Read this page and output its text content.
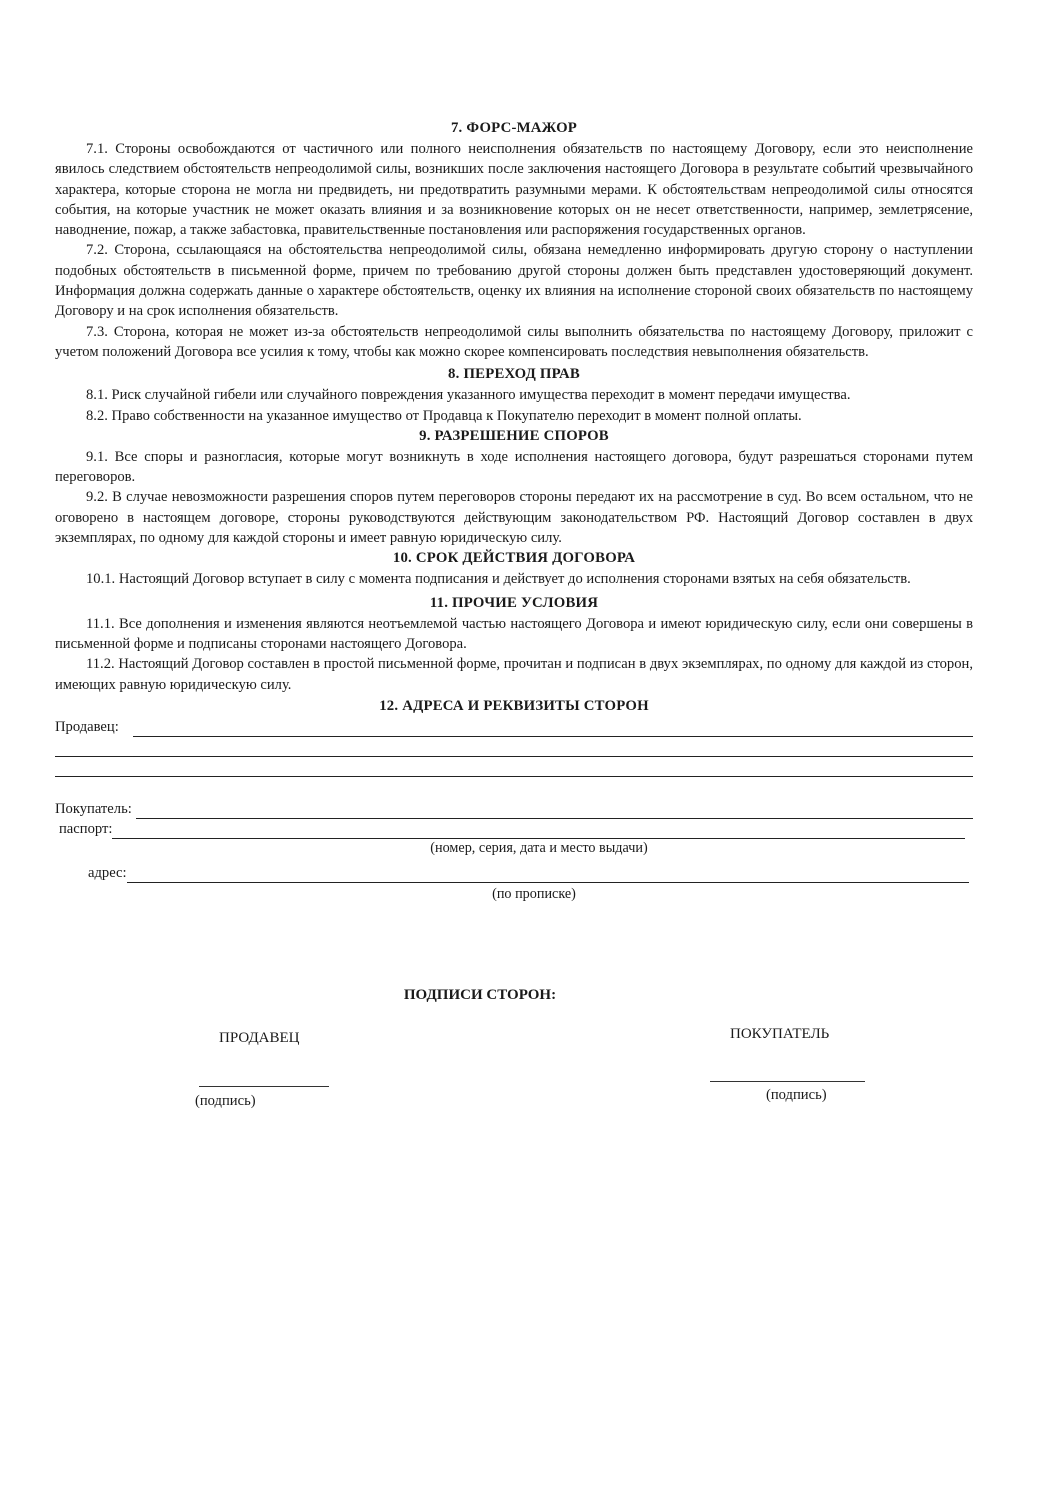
7. ФОРС-МАЖОР

7.1. Стороны освобождаются от частичного или полного неисполнения обязательств по настоящему Договору, если это неисполнение явилось следствием обстоятельств непреодолимой силы, возникших после заключения настоящего Договора в результате событий чрезвычайного характера, которые сторона не могла ни предвидеть, ни предотвратить разумными мерами. К обстоятельствам непреодолимой силы относятся события, на которые участник не может оказать влияния и за возникновение которых он не несет ответственности, например, землетрясение, наводнение, пожар, а также забастовка, правительственные постановления или распоряжения государственных органов.

7.2. Сторона, ссылающаяся на обстоятельства непреодолимой силы, обязана немедленно информировать другую сторону о наступлении подобных обстоятельств в письменной форме, причем по требованию другой стороны должен быть представлен удостоверяющий документ. Информация должна содержать данные о характере обстоятельств, оценку их влияния на исполнение стороной своих обязательств по настоящему Договору и на срок исполнения обязательств.

7.3. Сторона, которая не может из-за обстоятельств непреодолимой силы выполнить обязательства по настоящему Договору, приложит с учетом положений Договора все усилия к тому, чтобы как можно скорее компенсировать последствия невыполнения обязательств.

8. ПЕРЕХОД ПРАВ

8.1. Риск случайной гибели или случайного повреждения указанного имущества переходит в момент передачи имущества.

8.2. Право собственности на указанное имущество от Продавца к Покупателю переходит в момент полной оплаты.

9. РАЗРЕШЕНИЕ СПОРОВ

9.1. Все споры и разногласия, которые могут возникнуть в ходе исполнения настоящего договора, будут разрешаться сторонами путем переговоров.

9.2. В случае невозможности разрешения споров путем переговоров стороны передают их на рассмотрение в суд. Во всем остальном, что не оговорено в настоящем договоре, стороны руководствуются действующим законодательством РФ. Настоящий Договор составлен в двух экземплярах, по одному для каждой стороны и имеет равную юридическую силу.

10. СРОК ДЕЙСТВИЯ ДОГОВОРА

10.1. Настоящий Договор вступает в силу с момента подписания и действует до исполнения сторонами взятых на себя обязательств.

11. ПРОЧИЕ УСЛОВИЯ

11.1. Все дополнения и изменения являются неотъемлемой частью настоящего Договора и имеют юридическую силу, если они совершены в письменной форме и подписаны сторонами настоящего Договора.

11.2. Настоящий Договор составлен в простой письменной форме, прочитан и подписан в двух экземплярах, по одному для каждой из сторон, имеющих равную юридическую силу.

12. АДРЕСА И РЕКВИЗИТЫ СТОРОН
Продавец:
Покупатель:
паспорт:
(номер, серия, дата и место выдачи)
адрес:
(по прописке)
ПОДПИСИ СТОРОН:
ПРОДАВЕЦ	ПОКУПАТЕЛЬ
(подпись)	(подпись)
